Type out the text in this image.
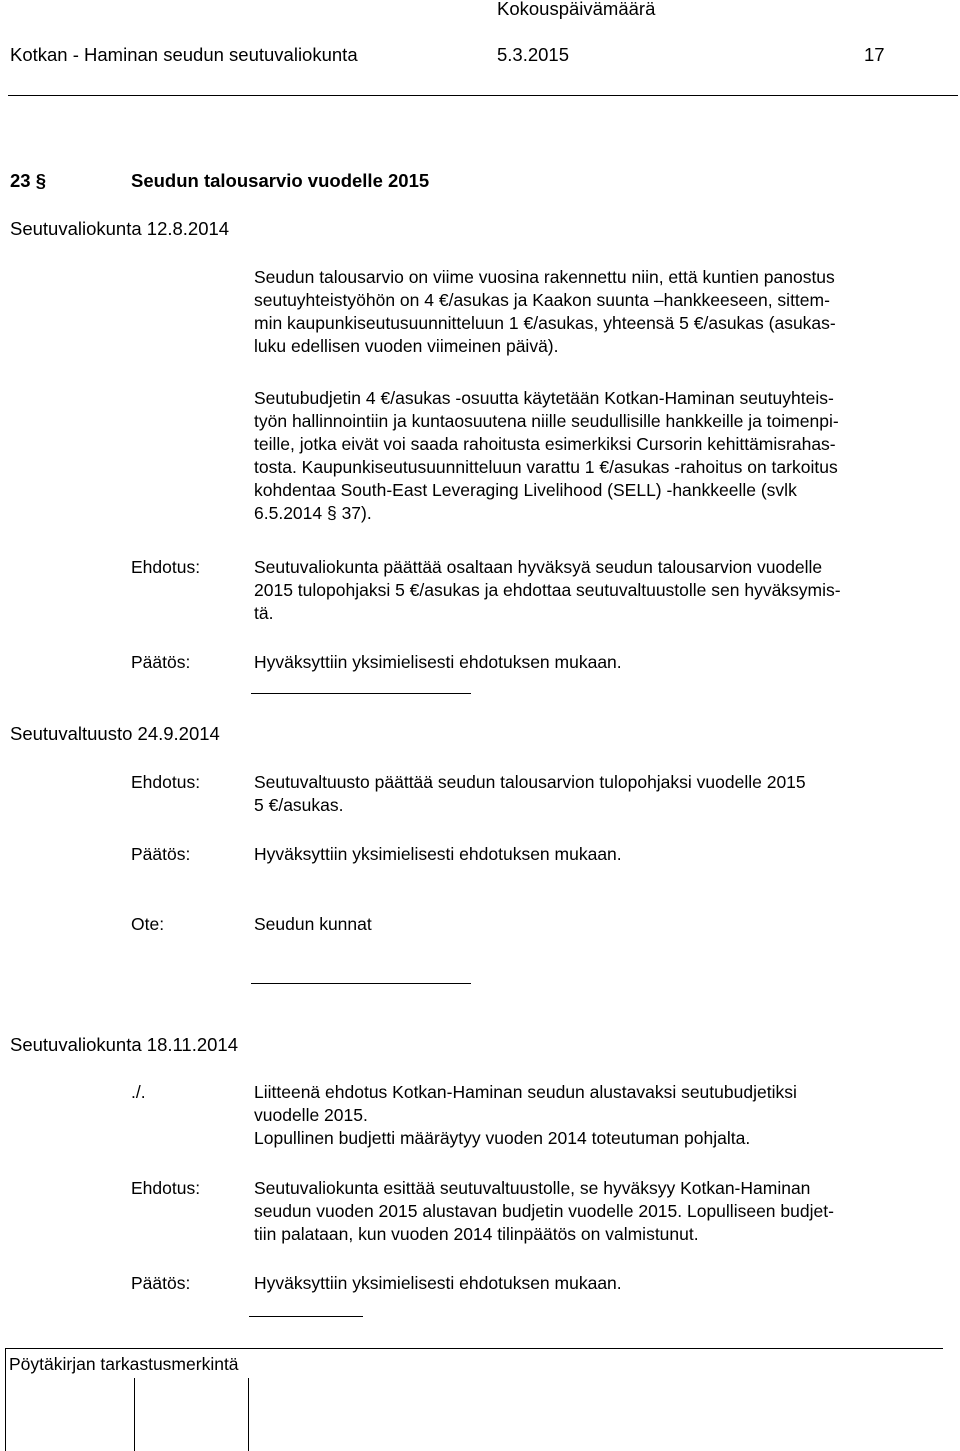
Kokouspäivämäärä
Kotkan - Haminan seudun seutuvaliokunta	5.3.2015	17
23 §	Seudun talousarvio vuodelle 2015
Seutuvaliokunta 12.8.2014
Seudun talousarvio on viime vuosina rakennettu niin, että kuntien panostus
seutuyhteistyöhön on 4 €/asukas ja Kaakon suunta –hankkeeseen, sittem-
min kaupunkiseutusuunnitteluun 1 €/asukas, yhteensä 5 €/asukas (asukas-
luku edellisen vuoden viimeinen päivä).
Seutubudjetin 4 €/asukas -osuutta käytetään Kotkan-Haminan seutuyhteis-
työn hallinnointiin ja kuntaosuutena niille seudullisille hankkeille ja toimenpi-
teille, jotka eivät voi saada rahoitusta esimerkiksi Cursorin kehittämisrahas-
tosta. Kaupunkiseutusuunnitteluun varattu 1 €/asukas -rahoitus on tarkoitus
kohdentaa South-East Leveraging Livelihood (SELL) -hankkeelle (svlk
6.5.2014 § 37).
Ehdotus:	Seutuvaliokunta päättää osaltaan hyväksyä seudun talousarvion vuodelle
2015 tulopohjaksi 5 €/asukas ja ehdottaa seutuvaltuustolle sen hyväksymis-
tä.
Päätös:	Hyväksyttiin yksimielisesti ehdotuksen mukaan.
Seutuvaltuusto 24.9.2014
Ehdotus:	Seutuvaltuusto päättää seudun talousarvion tulopohjaksi vuodelle 2015
5 €/asukas.
Päätös:	Hyväksyttiin yksimielisesti ehdotuksen mukaan.
Ote:	Seudun kunnat
Seutuvaliokunta 18.11.2014
./.	Liitteenä ehdotus Kotkan-Haminan seudun alustavaksi seutubudjetiksi
vuodelle 2015.
Lopullinen budjetti määräytyy vuoden 2014 toteutuman pohjalta.
Ehdotus:	Seutuvaliokunta esittää seutuvaltuustolle, se hyväksyy Kotkan-Haminan
seudun vuoden 2015 alustavan budjetin vuodelle 2015. Lopulliseen budjet-
tiin palataan, kun vuoden 2014 tilinpäätös on valmistunut.
Päätös:	Hyväksyttiin yksimielisesti ehdotuksen mukaan.
Pöytäkirjan tarkastusmerkintä
